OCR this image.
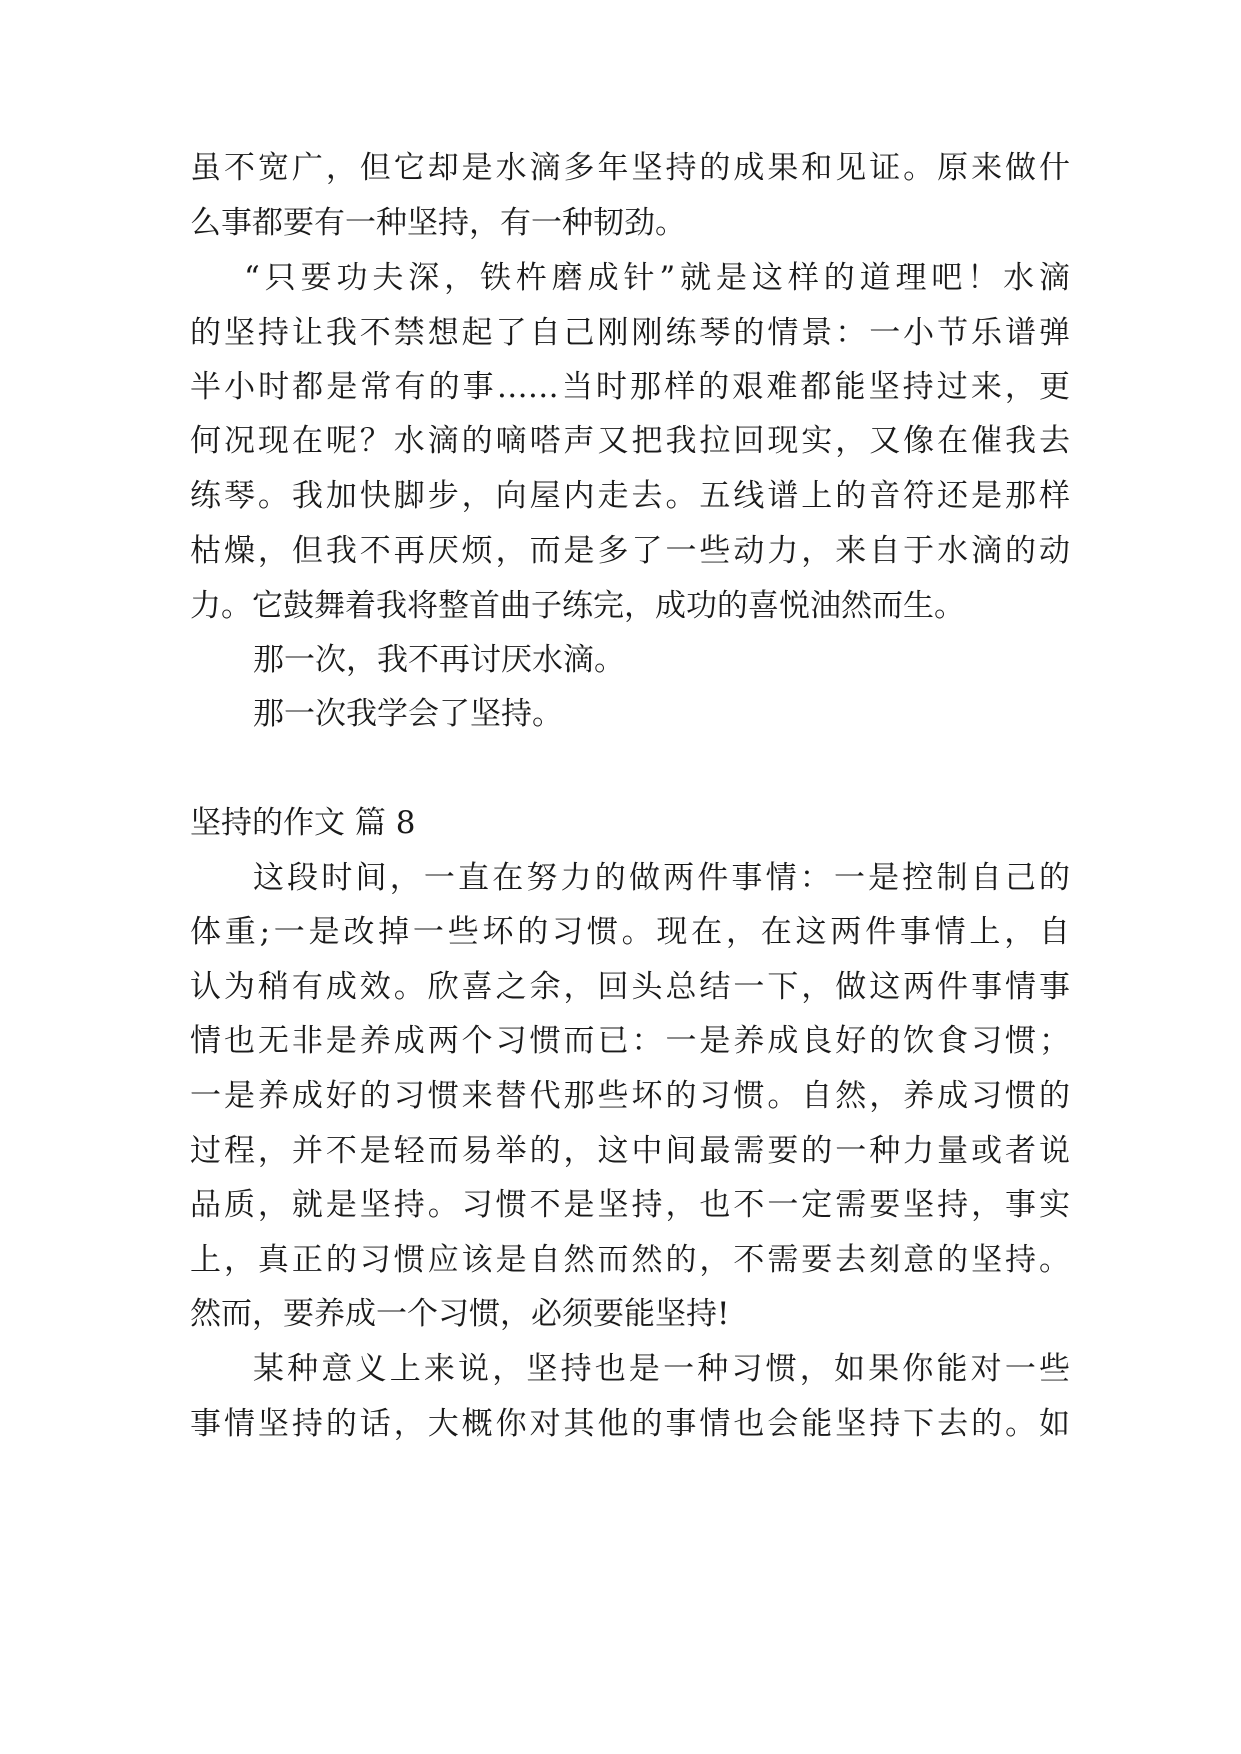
虽不宽广，但它却是水滴多年坚持的成果和见证。原来做什
么事都要有一种坚持，有一种韧劲。
“只要功夫深，铁杵磨成针”就是这样的道理吧！水滴
的坚持让我不禁想起了自己刚刚练琴的情景：一小节乐谱弹
半小时都是常有的事……当时那样的艰难都能坚持过来，更
何况现在呢？水滴的嘀嗒声又把我拉回现实，又像在催我去
练琴。我加快脚步，向屋内走去。五线谱上的音符还是那样
枯燥，但我不再厌烦，而是多了一些动力，来自于水滴的动
力。它鼓舞着我将整首曲子练完，成功的喜悦油然而生。
那一次，我不再讨厌水滴。
那一次我学会了坚持。
坚持的作文 篇 8
这段时间，一直在努力的做两件事情：一是控制自己的
体重;一是改掉一些坏的习惯。现在，在这两件事情上，自
认为稍有成效。欣喜之余，回头总结一下，做这两件事情事
情也无非是养成两个习惯而已：一是养成良好的饮食习惯；
一是养成好的习惯来替代那些坏的习惯。自然，养成习惯的
过程，并不是轻而易举的，这中间最需要的一种力量或者说
品质，就是坚持。习惯不是坚持，也不一定需要坚持，事实
上，真正的习惯应该是自然而然的，不需要去刻意的坚持。
然而，要养成一个习惯，必须要能坚持!
某种意义上来说，坚持也是一种习惯，如果你能对一些
事情坚持的话，大概你对其他的事情也会能坚持下去的。如
